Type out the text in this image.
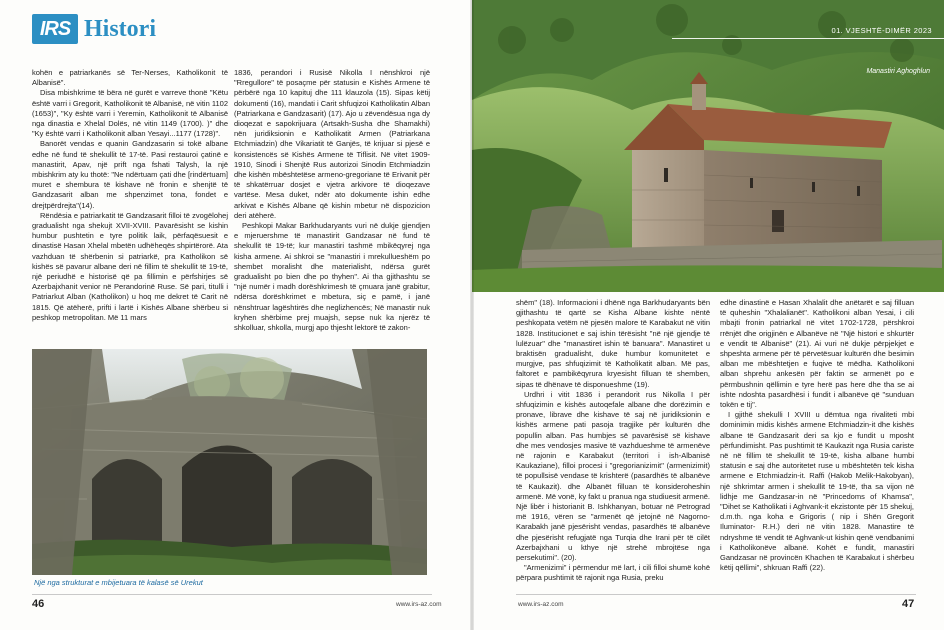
IRS Histori

kohën e patriarkanës së Ter-Nerses, Katholikonit të Albanisë".

Disa mbishkrime të bëra në gurët e varreve thonë "Këtu është varri i Gregorit, Katholikonit të Albanisë, në vitin 1102 (1653)", "Ky është varri i Yeremin, Katholikonit të Albanisë nga dinastia e Xhelal Dolës, në vitin 1149 (1700). )" dhe "Ky është varri i Katholikonit alban Yesayi...1177 (1728)".

Banorët vendas e quanin Gandzasarin si tokë albane edhe në fund të shekullit të 17-të. Pasi restauroi çatinë e manastirit, Apav, një prift nga fshati Talysh, la një mbishkrim aty ku thotë: "Ne ndërtuam çati dhe [rindërtuam] muret e shembura të kishave në fronin e shenjtë të Gandzasarit alban me shpenzimet tona, fondet e drejtpërdrejta"(14).

Rëndësia e patriarkatit të Gandzasarit filloi të zvogëlohej gradualisht nga shekujt XVII-XVIII. Pavarësisht se kishin humbur pushtetin e tyre politik laik, përfaqësuesit e dinastisë Hasan Xhelal mbetën udhëheqës shpirtërorë. Ata vazhduan të shërbenin si patriarkë, pra Katholikon së kishës së pavarur albane deri në fillim të shekullit të 19-të, një periudhë e historisë që pa fillimin e përfshirjes së Azerbajxhanit venior në Perandorinë Ruse. Së pari, titulli i Patriarkut Alban (Katholikon) u hoq me dekret të Carit në 1815. Që atëherë, prifti i lartë i Kishës Albane shërbeu si peshkop metropolitan. Më 11 mars

1836, perandori i Rusisë Nikolla I nënshkroi një "Rregullore" të posaçme për statusin e Kishës Armene të përbërë nga 10 kapituj dhe 111 klauzola (15). Sipas këtij dokumenti (16), mandati i Carit shfuqizoi Katholikatin Alban (Patriarkana e Gandzasarit) (17). Ajo u zëvendësua nga dy dioqezat e sapokrijuara (Artsakh-Susha dhe Shamakhi) nën juridiksionin e Katholikatit Armen (Patriarkana Etchmiadzin) dhe Vikariatit të Ganjës, të krijuar si pjesë e konsistencës së Kishës Armene të Tiflisit. Në vitet 1909-1910, Sinodi i Shenjtë Rus autorizoi Sinodin Etchmiadzin dhe kishën mbështetëse armeno-gregoriane të Erivanit për të shkatërruar dosjet e vjetra arkivore të dioqezave vartëse. Mesa duket, ndër ato dokumente ishin edhe arkivat e Kishës Albane që kishin mbetur në dispozicion deri atëherë.

Peshkopi Makar Barkhudaryants vuri në dukje gjendjen e mjeruershme të manastirit Gandzasar në fund të shekullit të 19-të; kur manastiri tashmë mbikëqyrej nga kisha armene. Ai shkroi se "manastiri i mrekullueshëm po shembet moralisht dhe materialisht, ndërsa gurët gradualisht po bien dhe po thyhen". Ai tha gjithashtu se "një numër i madh dorëshkrimesh të çmuara janë grabitur, ndërsa dorëshkrimet e mbetura, siç e pamë, i janë nënshtruar lagështirës dhe neglizhencës; Në manastir nuk kryhen shërbime prej muajsh, sepse nuk ka njerëz të shkolluar, shkolla, murgj apo thjesht lektorë të zakon-

Një nga strukturat e mbijetuara të kalasë së Urekut
46	www.irs-az.com
01. VJESHTË-DIMËR 2023
Manastiri Aghoghlun

shëm" (18). Informacioni i dhënë nga Barkhudaryants bën gjithashtu të qartë se Kisha Albane kishte nëntë peshkopata vetëm në pjesën malore të Karabakut në vitin 1828. Institucionet e saj ishin tërësisht "në një gjendje të lulëzuar" dhe "manastiret ishin të banuara". Manastiret u braktisën gradualisht, duke humbur komunitetet e murgjve, pas shfuqizimit të Katholikatit alban. Më pas, faltoret e pambikëqyrura kryesisht filluan të shemben, sipas të dhënave të disponueshme (19).

Urdhri i vitit 1836 i perandorit rus Nikolla I për shfuqizimin e kishës autoqefale albane dhe dorëzimin e pronave, librave dhe kishave të saj në juridiksionin e kishës armene pati pasoja tragjike për kulturën dhe popullin alban. Pas humbjes së pavarësisë së kishave dhe mes vendosjes masive të vazhdueshme të armenëve në rajonin e Karabakut (territori i ish-Albanisë Kaukaziane), filloi procesi i "gregorianizimit" (armenizimit) të popullsisë vendase të krishterë (pasardhës të albanëve të Kaukazit). dhe Albanët filluan të konsideroheshin armenë. Më vonë, ky fakt u pranua nga studiuesit armenë. Një libër i historianit B. Ishkhanyan, botuar në Petrograd më 1916, vëren se "armenët që jetojnë në Nagorno-Karabakh janë pjesërisht vendas, pasardhës të albanëve dhe pjesërisht refugjatë nga Turqia dhe Irani për të cilët Azerbajxhani u kthye një strehë mbrojtëse nga persekutimi". (20).

"Armenizimi" i përmendur më lart, i cili filloi shumë kohë përpara pushtimit të rajonit nga Rusia, preku

edhe dinastinë e Hasan Xhalalit dhe anëtarët e saj filluan të quheshin "Xhalalianët". Katholikoni alban Yesai, i cili mbajti fronin patriarkal në vitet 1702-1728, përshkroi rrënjët dhe origjinën e Albanëve në "Një histori e shkurtër e vendit të Albanisë" (21). Ai vuri në dukje përpjekjet e shpeshta armene për të përvetësuar kulturën dhe besimin alban me mbështetjen e fuqive të mëdha. Katholikoni alban shprehu ankesën për faktin se armenët po e përmbushnin qëllimin e tyre herë pas here dhe tha se ai ishte ndoshta pasardhësi i fundit i albanëve që "sunduan tokën e tij".

I gjithë shekulli I XVIII u dëmtua nga rivaliteti mbi dominimin midis kishës armene Etchmiadzin-it dhe kishës albane të Gandzasarit deri sa kjo e fundit u mposht përfundimisht. Pas pushtimit të Kaukazit nga Rusia cariste në në fillim të shekullit të 19-të, kisha albane humbi statusin e saj dhe autoritetet ruse u mbështetën tek kisha armene e Etchmiadzin-it. Raffi (Hakob Melik-Hakobyan), një shkrimtar armen i shekullit të 19-të, tha sa vijon në lidhje me Gandzasar-in në "Princedoms of Khamsa", "Dihet se Katholikati i Aghvank-it ekzistonte për 15 shekuj, d.m.th. nga koha e Grigoris ( nip i Shën Gregorit Iluminator- R.H.) deri në vitin 1828. Manastire të ndryshme të vendit të Aghvank-ut kishin qenë vendbanimi i Katholikonëve albanë. Kohët e fundit, manastiri Gandzasar në provincën Khachen të Karabakut i shërbeu këtij qëllimi", shkruan Raffi (22).

www.irs-az.com	47
